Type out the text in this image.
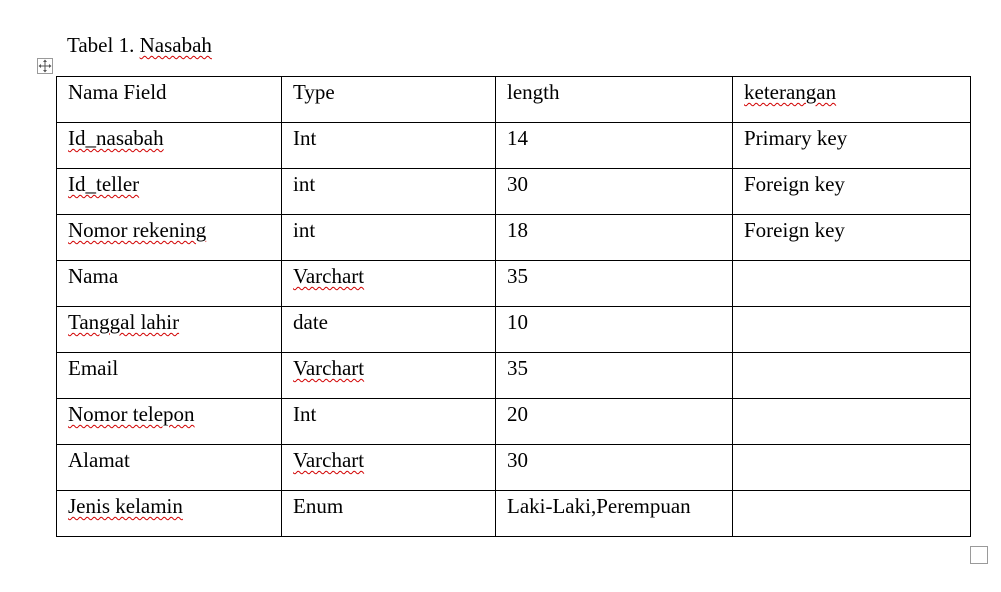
Tabel 1. Nasabah
Nama Field	Type	length	keterangan
Id_nasabah	Int	14	Primary key
Id_teller	int	30	Foreign key
Nomor rekening	int	18	Foreign key
Nama	Varchart	35	
Tanggal lahir	date	10	
Email	Varchart	35	
Nomor telepon	Int	20	
Alamat	Varchart	30	
Jenis kelamin	Enum	Laki-Laki,Perempuan	
